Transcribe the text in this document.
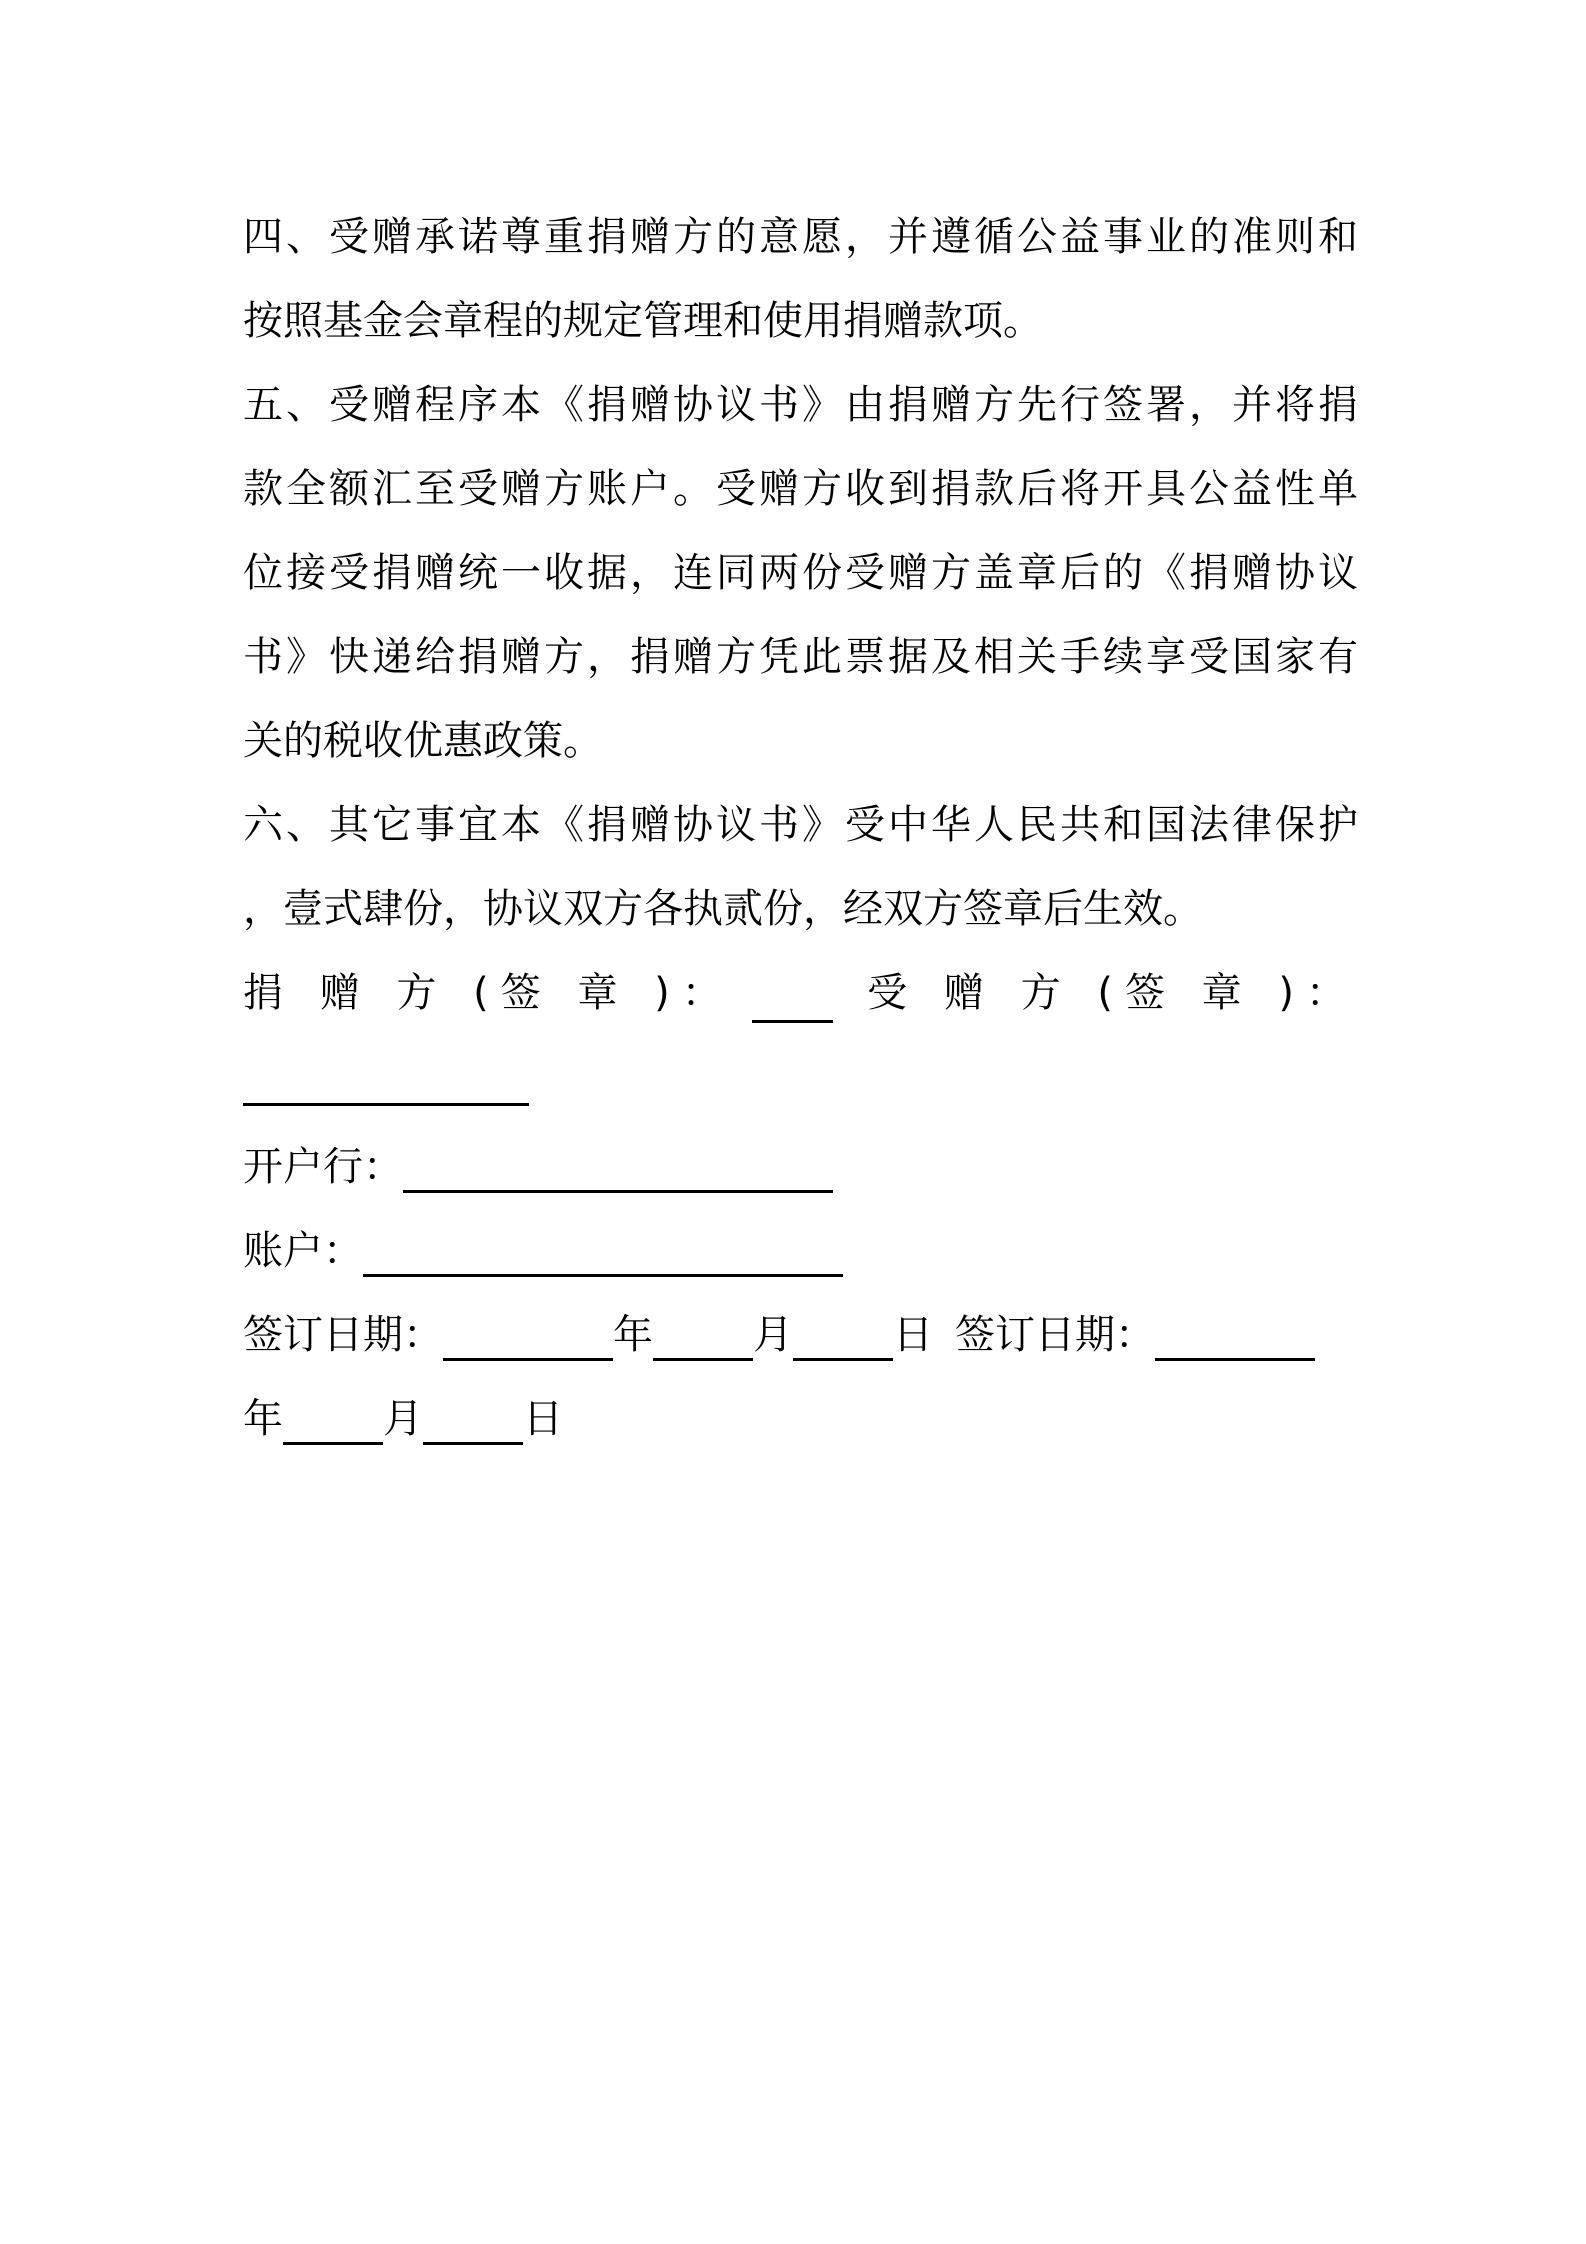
四、受赠承诺尊重捐赠方的意愿，并遵循公益事业的准则和
按照基金会章程的规定管理和使用捐赠款项。
五、受赠程序本《捐赠协议书》由捐赠方先行签署，并将捐
款全额汇至受赠方账户。受赠方收到捐款后将开具公益性单
位接受捐赠统一收据，连同两份受赠方盖章后的《捐赠协议
书》快递给捐赠方，捐赠方凭此票据及相关手续享受国家有
关的税收优惠政策。
六、其它事宜本《捐赠协议书》受中华人民共和国法律保护
，壹式肆份，协议双方各执贰份，经双方签章后生效。
捐 赠 方 (签 章 )：	受 赠 方 (签 章 )：
开户行：
账户：
签订日期：	年	月	日 签订日期：
年	月	日
